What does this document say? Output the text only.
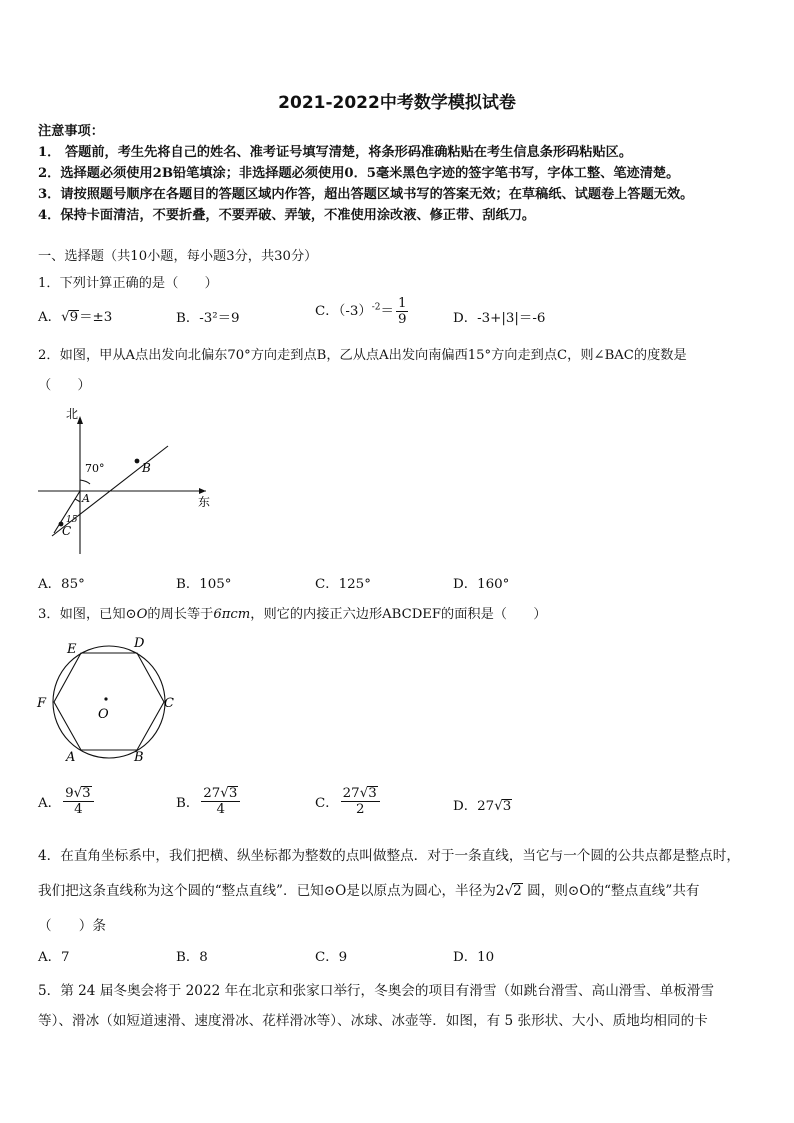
2021-2022中考数学模拟试卷
注意事项：
1． 答题前，考生先将自己的姓名、准考证号填写清楚，将条形码准确粘贴在考生信息条形码粘贴区。
2．选择题必须使用2B铅笔填涂；非选择题必须使用0．5毫米黑色字迹的签字笔书写，字体工整、笔迹清楚。
3．请按照题号顺序在各题目的答题区域内作答，超出答题区域书写的答案无效；在草稿纸、试题卷上答题无效。
4．保持卡面清洁，不要折叠，不要弄破、弄皱，不准使用涂改液、修正带、刮纸刀。
一、选择题（共10小题，每小题3分，共30分）
1．下列计算正确的是（　　）
A．√9＝±3	B．-3²＝9	C．$(-3)^{-2}= \frac{1}{9}$	D．-3+|3|＝-6
2．如图，甲从A点出发向北偏东70°方向走到点B，乙从点A出发向南偏西15°方向走到点C，则∠BAC的度数是
（　　）
北
东
70°
15
A
B
C
A．85°	B．105°	C．125°	D．160°
3．如图，已知⊙O的周长等于6πcm，则它的内接正六边形ABCDEF的面积是（　　）
D
E
F	C
O
A	B
A． $\frac{9√3}{4}$	B． $\frac{27√3}{4}$	C． $\frac{27√3}{2}$	D．27√3
4．在直角坐标系中，我们把横、纵坐标都为整数的点叫做整点．对于一条直线，当它与一个圆的公共点都是整点时，
我们把这条直线称为这个圆的“整点直线”．已知⊙O是以原点为圆心，半径为2√2 圆，则⊙O的“整点直线”共有
（　　）条
A．7	B．8	C．9	D．10
5．第 24 届冬奥会将于 2022 年在北京和张家口举行，冬奥会的项目有滑雪（如跳台滑雪、高山滑雪、单板滑雪
等）、滑冰（如短道速滑、速度滑冰、花样滑冰等）、冰球、冰壶等．如图，有 5 张形状、大小、质地均相同的卡
